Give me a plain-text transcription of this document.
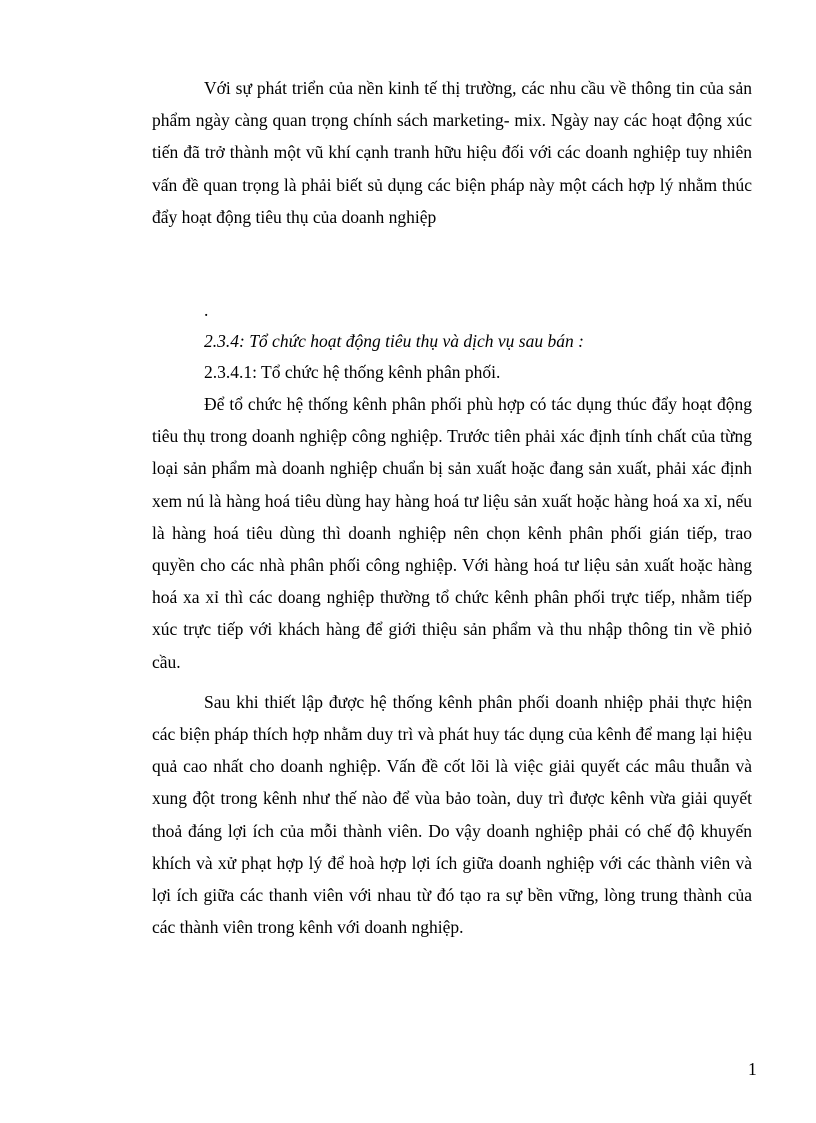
Với sự phát triển của nền kinh tế thị trường, các nhu cầu về thông tin của sản phẩm ngày càng quan trọng chính sách marketing- mix. Ngày nay các hoạt động xúc tiến đã trở thành một vũ khí cạnh tranh hữu hiệu đối với các doanh nghiệp tuy nhiên vấn đề quan trọng là phải biết sủ dụng các biện pháp này một cách hợp lý nhằm thúc đẩy hoạt động tiêu thụ của doanh nghiệp

.

2.3.4: Tổ chức hoạt động tiêu thụ và dịch vụ sau bán :

2.3.4.1: Tổ chức hệ thống kênh phân phối.

Để tổ chức hệ thống kênh phân phối phù hợp có tác dụng thúc đẩy hoạt động tiêu thụ trong doanh nghiệp công nghiệp. Trước tiên phải xác định tính chất của từng loại sản phẩm mà doanh nghiệp chuẩn bị sản xuất hoặc đang sản xuất, phải xác định xem nú là hàng hoá tiêu dùng hay hàng hoá tư liệu sản xuất hoặc hàng hoá xa xỉ, nếu là hàng hoá tiêu dùng thì doanh nghiệp nên chọn kênh phân phối gián tiếp, trao quyền cho các nhà phân phối công nghiệp. Với hàng hoá tư liệu sản xuất hoặc hàng hoá xa xỉ thì các doang nghiệp thường tổ chức kênh phân phối trực tiếp, nhằm tiếp xúc trực tiếp với khách hàng để giới thiệu sản phẩm và thu nhập thông tin về phiỏ cầu.

Sau khi thiết lập được hệ thống kênh phân phối doanh nhiệp phải thực hiện các biện pháp thích hợp nhằm duy trì và phát huy tác dụng của kênh để mang lại hiệu quả cao nhất cho doanh nghiệp. Vấn đề cốt lõi là việc giải quyết các mâu thuẫn và xung đột trong kênh như thế nào để vùa bảo toàn, duy trì được kênh vừa giải quyết thoả đáng lợi ích của mỗi thành viên. Do vậy doanh nghiệp phải có chế độ khuyến khích và xử phạt hợp lý để hoà hợp lợi ích giữa doanh nghiệp với các thành viên và lợi ích giữa các thanh viên với nhau từ đó tạo ra sự bền vững, lòng trung thành của các thành viên trong kênh với doanh nghiệp.

1
